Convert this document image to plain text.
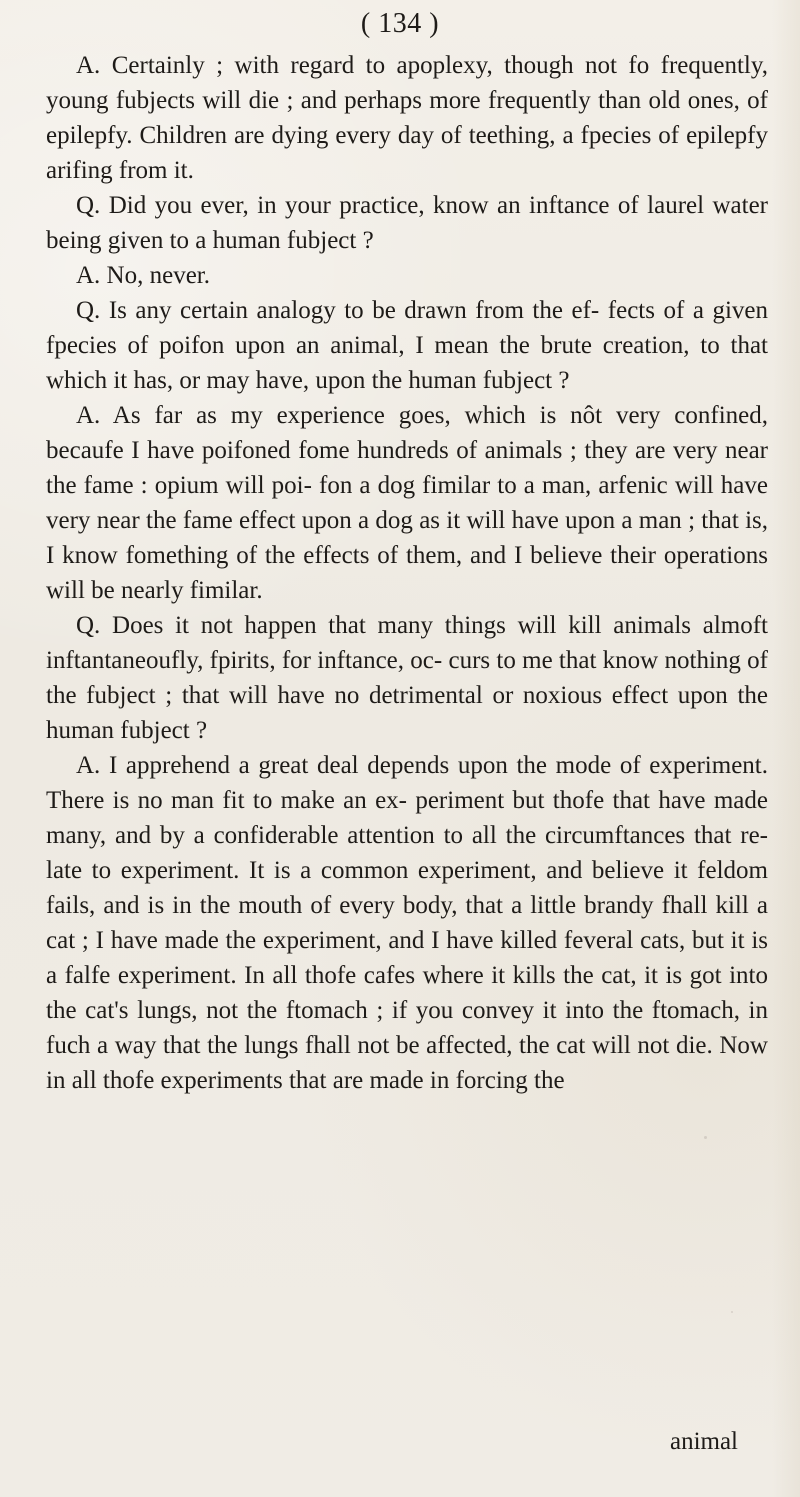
( 134 )

A. Certainly ; with regard to apoplexy, though not fo frequently, young fubjects will die ; and perhaps more frequently than old ones, of epilepfy. Children are dying every day of teething, a fpecies of epilepfy arifing from it.

Q. Did you ever, in your practice, know an inftance of laurel water being given to a human fubject ?

A. No, never.

Q. Is any certain analogy to be drawn from the ef- fects of a given fpecies of poifon upon an animal, I mean the brute creation, to that which it has, or may have, upon the human fubject ?

A. As far as my experience goes, which is nôt very confined, becaufe I have poifoned fome hundreds of animals ; they are very near the fame : opium will poi- fon a dog fimilar to a man, arfenic will have very near the fame effect upon a dog as it will have upon a man ; that is, I know fomething of the effects of them, and I believe their operations will be nearly fimilar.

Q. Does it not happen that many things will kill animals almoft inftantaneoufly, fpirits, for inftance, oc- curs to me that know nothing of the fubject ; that will have no detrimental or noxious effect upon the human fubject ?

A. I apprehend a great deal depends upon the mode of experiment. There is no man fit to make an ex- periment but thofe that have made many, and by a confiderable attention to all the circumftances that re- late to experiment. It is a common experiment, and believe it feldom fails, and is in the mouth of every body, that a little brandy fhall kill a cat ; I have made the experiment, and I have killed feveral cats, but it is a falfe experiment. In all thofe cafes where it kills the cat, it is got into the cat's lungs, not the ftomach ; if you convey it into the ftomach, in fuch a way that the lungs fhall not be affected, the cat will not die. Now in all thofe experiments that are made in forcing the

animal
